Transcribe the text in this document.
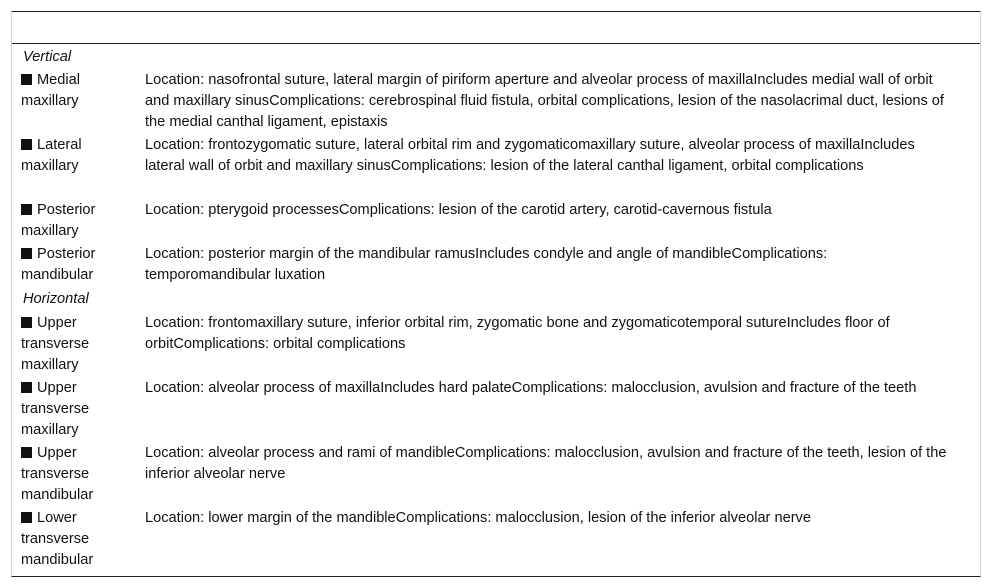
Vertical
Medial maxillary
Location: nasofrontal suture, lateral margin of piriform aperture and alveolar process of maxillaIncludes medial wall of orbit and maxillary sinusComplications: cerebrospinal fluid fistula, orbital complications, lesion of the nasolacrimal duct, lesions of the medial canthal ligament, epistaxis
Lateral maxillary
Location: frontozygomatic suture, lateral orbital rim and zygomaticomaxillary suture, alveolar process of maxillaIncludes lateral wall of orbit and maxillary sinusComplications: lesion of the lateral canthal ligament, orbital complications
Posterior maxillary
Location: pterygoid processesComplications: lesion of the carotid artery, carotid-cavernous fistula
Posterior mandibular
Location: posterior margin of the mandibular ramusIncludes condyle and angle of mandibleComplications: temporomandibular luxation
Horizontal
Upper transverse maxillary
Location: frontomaxillary suture, inferior orbital rim, zygomatic bone and zygomaticotemporal sutureIncludes floor of orbitComplications: orbital complications
Upper transverse maxillary
Location: alveolar process of maxillaIncludes hard palateComplications: malocclusion, avulsion and fracture of the teeth
Upper transverse mandibular
Location: alveolar process and rami of mandibleComplications: malocclusion, avulsion and fracture of the teeth, lesion of the inferior alveolar nerve
Lower transverse mandibular
Location: lower margin of the mandibleComplications: malocclusion, lesion of the inferior alveolar nerve
